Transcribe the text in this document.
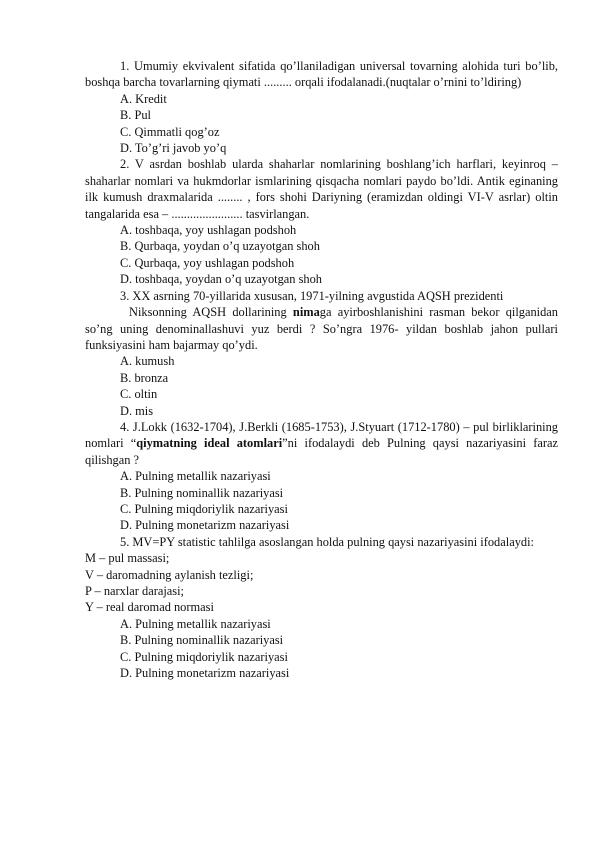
1. Umumiy ekvivalent sifatida qo’llaniladigan universal tovarning alohida turi bo’lib, boshqa barcha tovarlarning qiymati ......... orqali ifodalanadi.(nuqtalar o’rnini to’ldiring)

A. Kredit

B. Pul

C. Qimmatli qog’oz

D. To’g’ri javob yo’q

2. V asrdan boshlab ularda shaharlar nomlarining boshlang’ich harflari, keyinroq – shaharlar nomlari va hukmdorlar ismlarining qisqacha nomlari paydo bo’ldi. Antik eginaning ilk kumush draxmalarida ........ , fors shohi Dariyning (eramizdan oldingi VI-V asrlar) oltin tangalarida esa – ....................... tasvirlangan.

A. toshbaqa, yoy ushlagan podshoh

B. Qurbaqa, yoydan o’q uzayotgan shoh

C. Qurbaqa, yoy ushlagan podshoh

D. toshbaqa, yoydan o’q uzayotgan shoh

3. XX asrning 70-yillarida xususan, 1971-yilning avgustida AQSH prezidenti

Niksonning AQSH dollarining nimaga ayirboshlanishini rasman bekor qilganidan so’ng uning denominallashuvi yuz berdi ? So’ngra 1976- yildan boshlab jahon pullari funksiyasini ham bajarmay qo’ydi.

A. kumush

B. bronza

C. oltin

D. mis

4. J.Lokk (1632-1704), J.Berkli (1685-1753), J.Styuart (1712-1780) – pul birliklarining nomlari “qiymatning ideal atomlari”ni ifodalaydi deb Pulning qaysi nazariyasini faraz qilishgan ?

A. Pulning metallik nazariyasi

B. Pulning nominallik nazariyasi

C. Pulning miqdoriylik nazariyasi

D. Pulning monetarizm nazariyasi

5. MV=PY statistic tahlilga asoslangan holda pulning qaysi nazariyasini ifodalaydi:

M – pul massasi;

V – daromadning aylanish tezligi;

P – narxlar darajasi;

Y – real daromad normasi

A. Pulning metallik nazariyasi

B. Pulning nominallik nazariyasi

C. Pulning miqdoriylik nazariyasi

D. Pulning monetarizm nazariyasi
